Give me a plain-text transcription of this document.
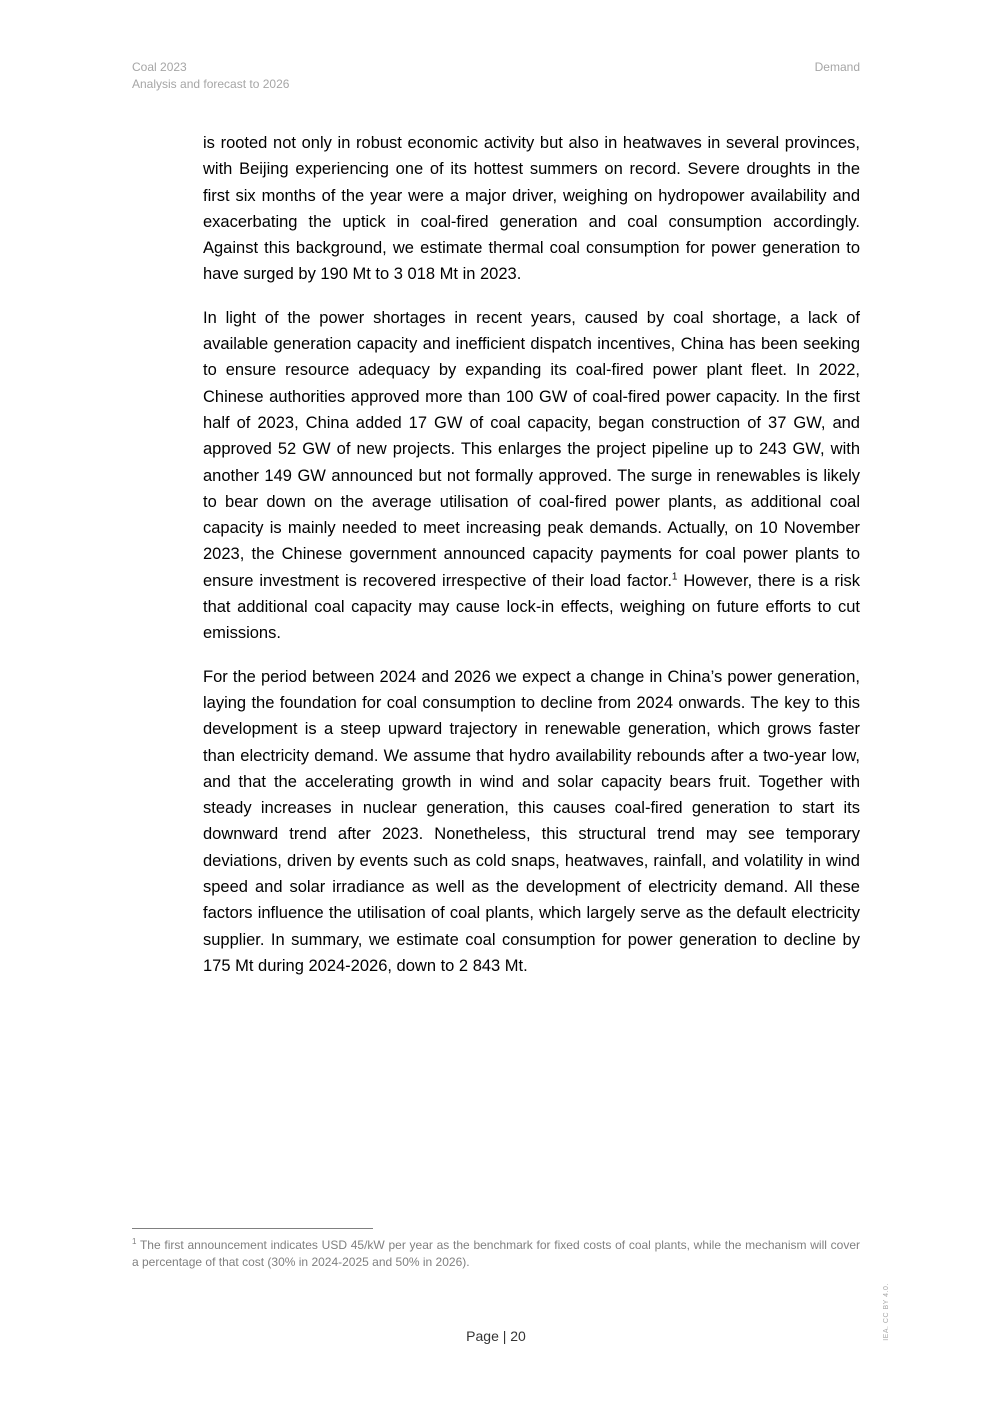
Coal 2023
Analysis and forecast to 2026
Demand

is rooted not only in robust economic activity but also in heatwaves in several provinces, with Beijing experiencing one of its hottest summers on record. Severe droughts in the first six months of the year were a major driver, weighing on hydropower availability and exacerbating the uptick in coal-fired generation and coal consumption accordingly. Against this background, we estimate thermal coal consumption for power generation to have surged by 190 Mt to 3 018 Mt in 2023.

In light of the power shortages in recent years, caused by coal shortage, a lack of available generation capacity and inefficient dispatch incentives, China has been seeking to ensure resource adequacy by expanding its coal-fired power plant fleet. In 2022, Chinese authorities approved more than 100 GW of coal-fired power capacity. In the first half of 2023, China added 17 GW of coal capacity, began construction of 37 GW, and approved 52 GW of new projects. This enlarges the project pipeline up to 243 GW, with another 149 GW announced but not formally approved. The surge in renewables is likely to bear down on the average utilisation of coal-fired power plants, as additional coal capacity is mainly needed to meet increasing peak demands. Actually, on 10 November 2023, the Chinese government announced capacity payments for coal power plants to ensure investment is recovered irrespective of their load factor.$^1$ However, there is a risk that additional coal capacity may cause lock-in effects, weighing on future efforts to cut emissions.

For the period between 2024 and 2026 we expect a change in China’s power generation, laying the foundation for coal consumption to decline from 2024 onwards. The key to this development is a steep upward trajectory in renewable generation, which grows faster than electricity demand. We assume that hydro availability rebounds after a two-year low, and that the accelerating growth in wind and solar capacity bears fruit. Together with steady increases in nuclear generation, this causes coal-fired generation to start its downward trend after 2023. Nonetheless, this structural trend may see temporary deviations, driven by events such as cold snaps, heatwaves, rainfall, and volatility in wind speed and solar irradiance as well as the development of electricity demand. All these factors influence the utilisation of coal plants, which largely serve as the default electricity supplier. In summary, we estimate coal consumption for power generation to decline by 175 Mt during 2024-2026, down to 2 843 Mt.

$^1$ The first announcement indicates USD 45/kW per year as the benchmark for fixed costs of coal plants, while the mechanism will cover a percentage of that cost (30% in 2024-2025 and 50% in 2026).
Page | 20	IEA. CC BY 4.0.
